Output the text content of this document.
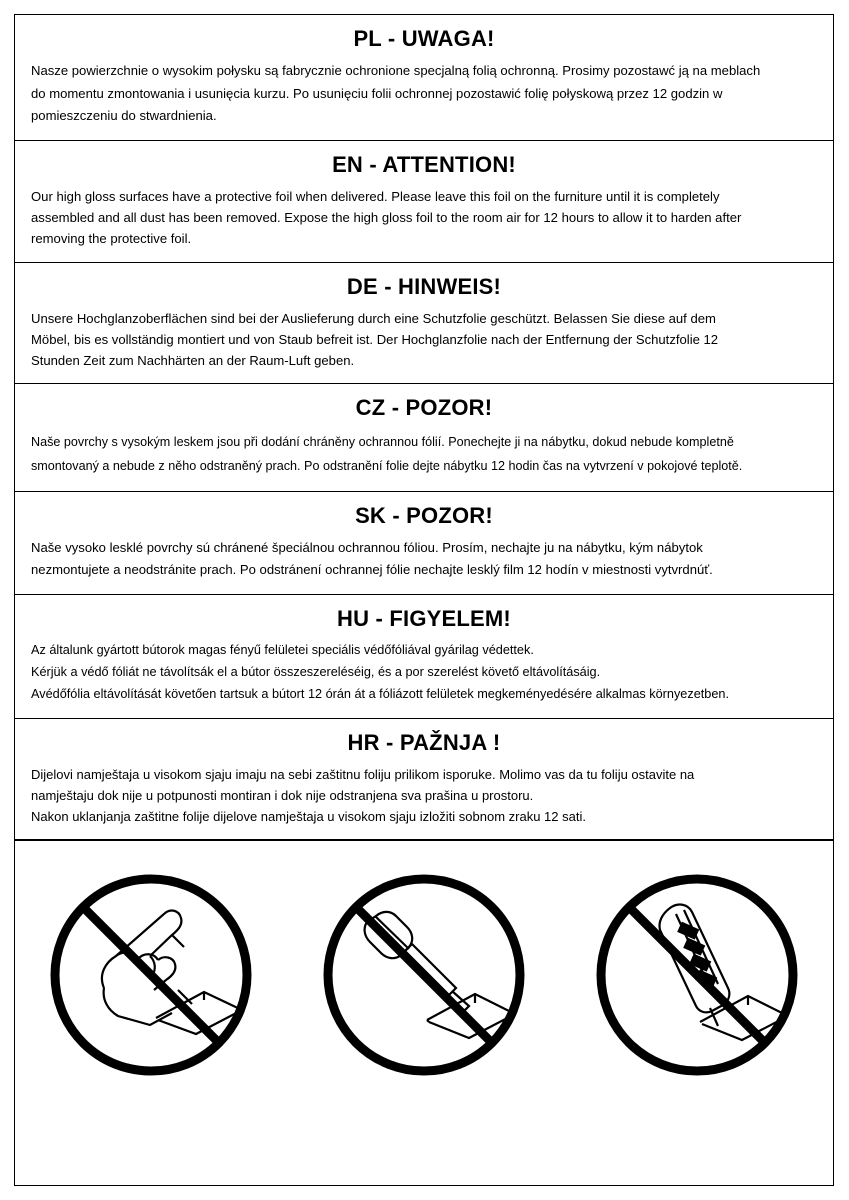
PL - UWAGA!
Nasze powierzchnie o wysokim połysku są fabrycznie ochronione specjalną folią ochronną. Prosimy pozostawć ją na meblach
do momentu zmontowania i usunięcia kurzu. Po usunięciu folii ochronnej pozostawić folię połyskową przez 12 godzin w
pomieszczeniu do stwardnienia.
EN - ATTENTION!
Our high gloss surfaces have a protective foil when delivered. Please leave this foil on the furniture until it is completely
assembled and all dust has been removed. Expose the high gloss foil to the room air for 12 hours to allow it to harden after
removing the protective foil.
DE - HINWEIS!
Unsere Hochglanzoberflächen sind bei der Auslieferung durch eine Schutzfolie geschützt. Belassen Sie diese auf dem
Möbel, bis es vollständig montiert und von Staub befreit ist. Der Hochglanzfolie nach der Entfernung der Schutzfolie 12
Stunden Zeit zum Nachhärten an der Raum-Luft geben.
CZ - POZOR!
Naše povrchy s vysokým leskem jsou při dodání chráněny ochrannou fólií. Ponechejte ji na nábytku, dokud nebude kompletně
smontovaný a nebude z něho odstraněný prach. Po odstranění folie dejte nábytku 12 hodin čas na vytvrzení v pokojové teplotě.
SK - POZOR!
Naše vysoko lesklé povrchy sú chránené špeciálnou ochrannou fóliou. Prosím, nechajte ju na nábytku, kým nábytok
nezmontujete a neodstránite prach. Po odstránení ochrannej fólie nechajte lesklý film 12 hodín v miestnosti vytvrdnúť.
HU - FIGYELEM!
Az általunk gyártott bútorok magas fényű felületei speciális védőfóliával gyárilag védettek.
Kérjük a védő fóliát ne távolítsák el a bútor összeszereléséig, és a por szerelést követő eltávolításáig.
Avédőfólia eltávolítását követően tartsuk a bútort 12 órán át a fóliázott felületek megkeményedésére alkalmas környezetben.
HR - PAŽNJA !
Dijelovi namještaja u visokom sjaju imaju na sebi zaštitnu foliju prilikom isporuke. Molimo vas da tu foliju ostavite na
namještaju dok nije u potpunosti montiran i dok nije odstranjena sva prašina u prostoru.
Nakon uklanjanja zaštitne folije dijelove namještaja u visokom sjaju izložiti sobnom zraku 12 sati.
